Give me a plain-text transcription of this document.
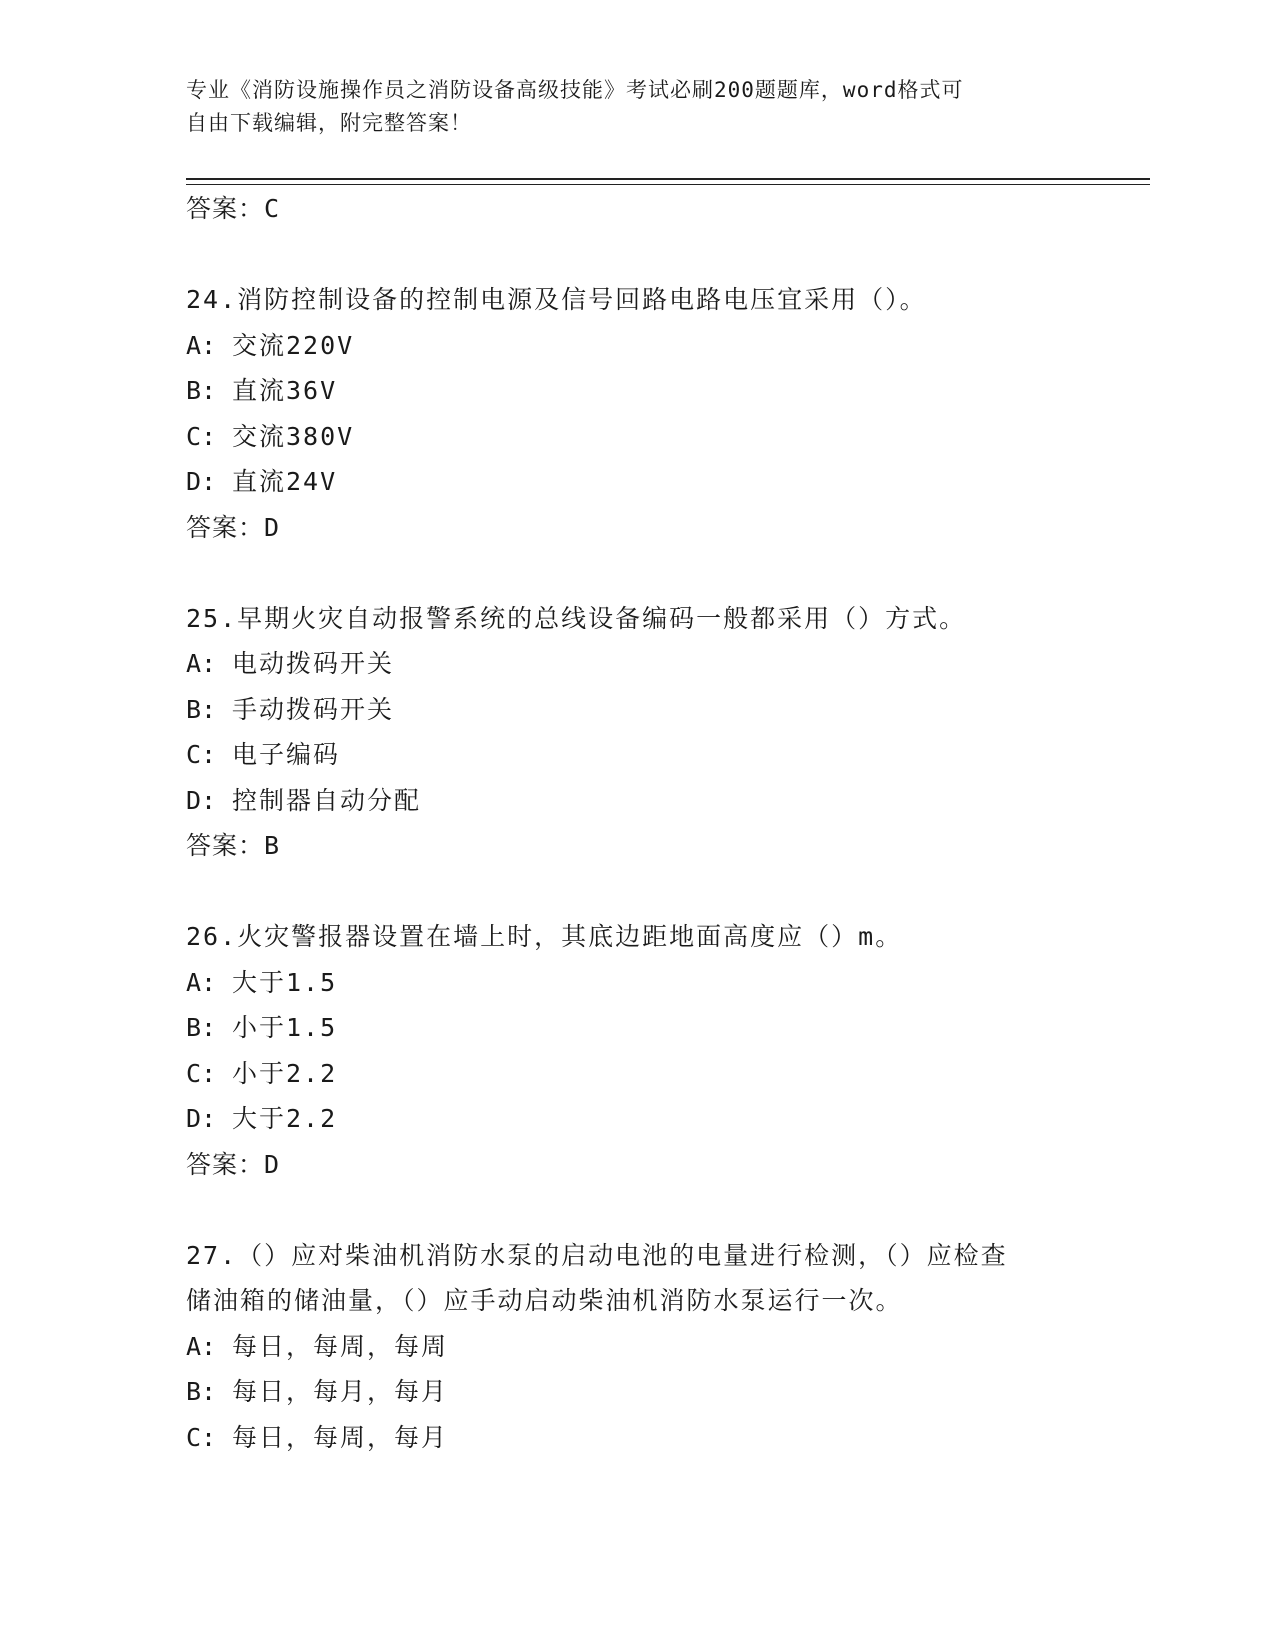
专业《消防设施操作员之消防设备高级技能》考试必刷200题题库，word格式可
自由下载编辑，附完整答案！
答案：C
24.消防控制设备的控制电源及信号回路电路电压宜采用（）。
A: 交流220V
B: 直流36V
C: 交流380V
D: 直流24V
答案：D
25.早期火灾自动报警系统的总线设备编码一般都采用（）方式。
A: 电动拨码开关
B: 手动拨码开关
C: 电子编码
D: 控制器自动分配
答案：B
26.火灾警报器设置在墙上时，其底边距地面高度应（）m。
A: 大于1.5
B: 小于1.5
C: 小于2.2
D: 大于2.2
答案：D
27.（）应对柴油机消防水泵的启动电池的电量进行检测，（）应检查
储油箱的储油量，（）应手动启动柴油机消防水泵运行一次。
A: 每日，每周，每周
B: 每日，每月，每月
C: 每日，每周，每月
